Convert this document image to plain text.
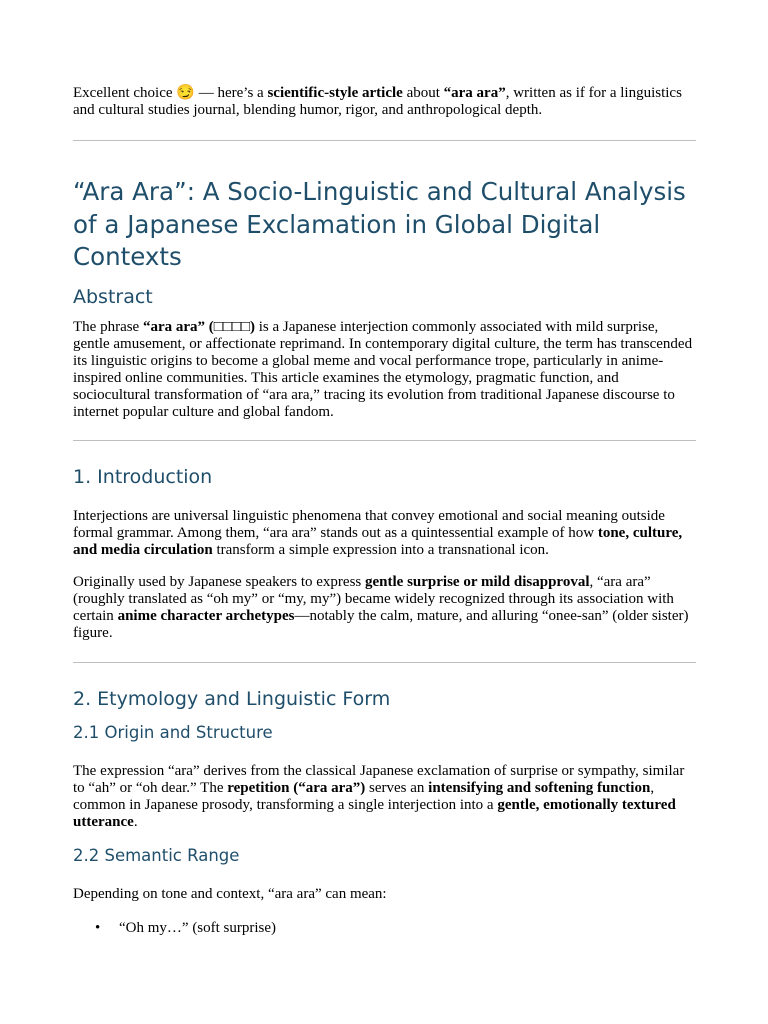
Excellent choice 😏 — here’s a scientific-style article about “ara ara”, written as if for a linguistics and cultural studies journal, blending humor, rigor, and anthropological depth.

“Ara Ara”: A Socio-Linguistic and Cultural Analysis of a Japanese Exclamation in Global Digital Contexts
Abstract

The phrase “ara ara” (□□□□) is a Japanese interjection commonly associated with mild surprise, gentle amusement, or affectionate reprimand. In contemporary digital culture, the term has transcended its linguistic origins to become a global meme and vocal performance trope, particularly in anime-inspired online communities. This article examines the etymology, pragmatic function, and sociocultural transformation of “ara ara,” tracing its evolution from traditional Japanese discourse to internet popular culture and global fandom.

1. Introduction

Interjections are universal linguistic phenomena that convey emotional and social meaning outside formal grammar. Among them, “ara ara” stands out as a quintessential example of how tone, culture, and media circulation transform a simple expression into a transnational icon.

Originally used by Japanese speakers to express gentle surprise or mild disapproval, “ara ara” (roughly translated as “oh my” or “my, my”) became widely recognized through its association with certain anime character archetypes—notably the calm, mature, and alluring “onee-san” (older sister) figure.

2. Etymology and Linguistic Form
2.1 Origin and Structure

The expression “ara” derives from the classical Japanese exclamation of surprise or sympathy, similar to “ah” or “oh dear.” The repetition (“ara ara”) serves an intensifying and softening function, common in Japanese prosody, transforming a single interjection into a gentle, emotionally textured utterance.

2.2 Semantic Range

Depending on tone and context, “ara ara” can mean:

• “Oh my…” (soft surprise)
